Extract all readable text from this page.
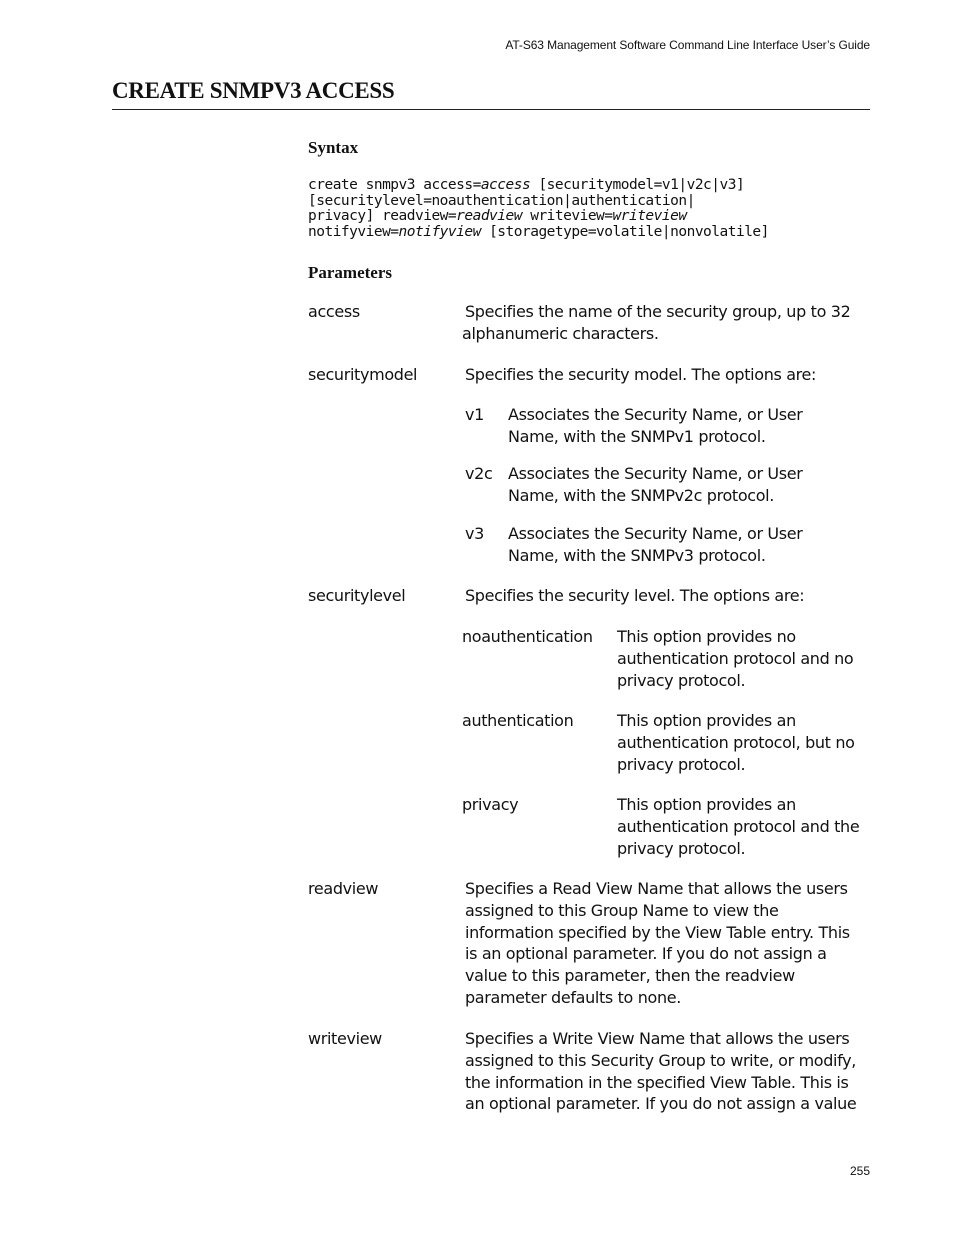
AT-S63 Management Software Command Line Interface User’s Guide
CREATE SNMPV3 ACCESS
Syntax
create snmpv3 access=access [securitymodel=v1|v2c|v3]
[securitylevel=noauthentication|authentication|
privacy] readview=readview writeview=writeview
notifyview=notifyview [storagetype=volatile|nonvolatile]
Parameters

access	Specifies the name of the security group, up to 32 alphanumeric characters.

securitymodel	Specifies the security model. The options are:

v1 Associates the Security Name, or User Name, with the SNMPv1 protocol.

v2c Associates the Security Name, or User Name, with the SNMPv2c protocol.

v3 Associates the Security Name, or User Name, with the SNMPv3 protocol.

securitylevel	Specifies the security level. The options are:

noauthentication This option provides no authentication protocol and no privacy protocol.

authentication	This option provides an authentication protocol, but no privacy protocol.

privacy	This option provides an authentication protocol and the privacy protocol.

readview	Specifies a Read View Name that allows the users assigned to this Group Name to view the information specified by the View Table entry. This is an optional parameter. If you do not assign a value to this parameter, then the readview parameter defaults to none.

writeview	Specifies a Write View Name that allows the users assigned to this Security Group to write, or modify, the information in the specified View Table. This is an optional parameter. If you do not assign a value

255
